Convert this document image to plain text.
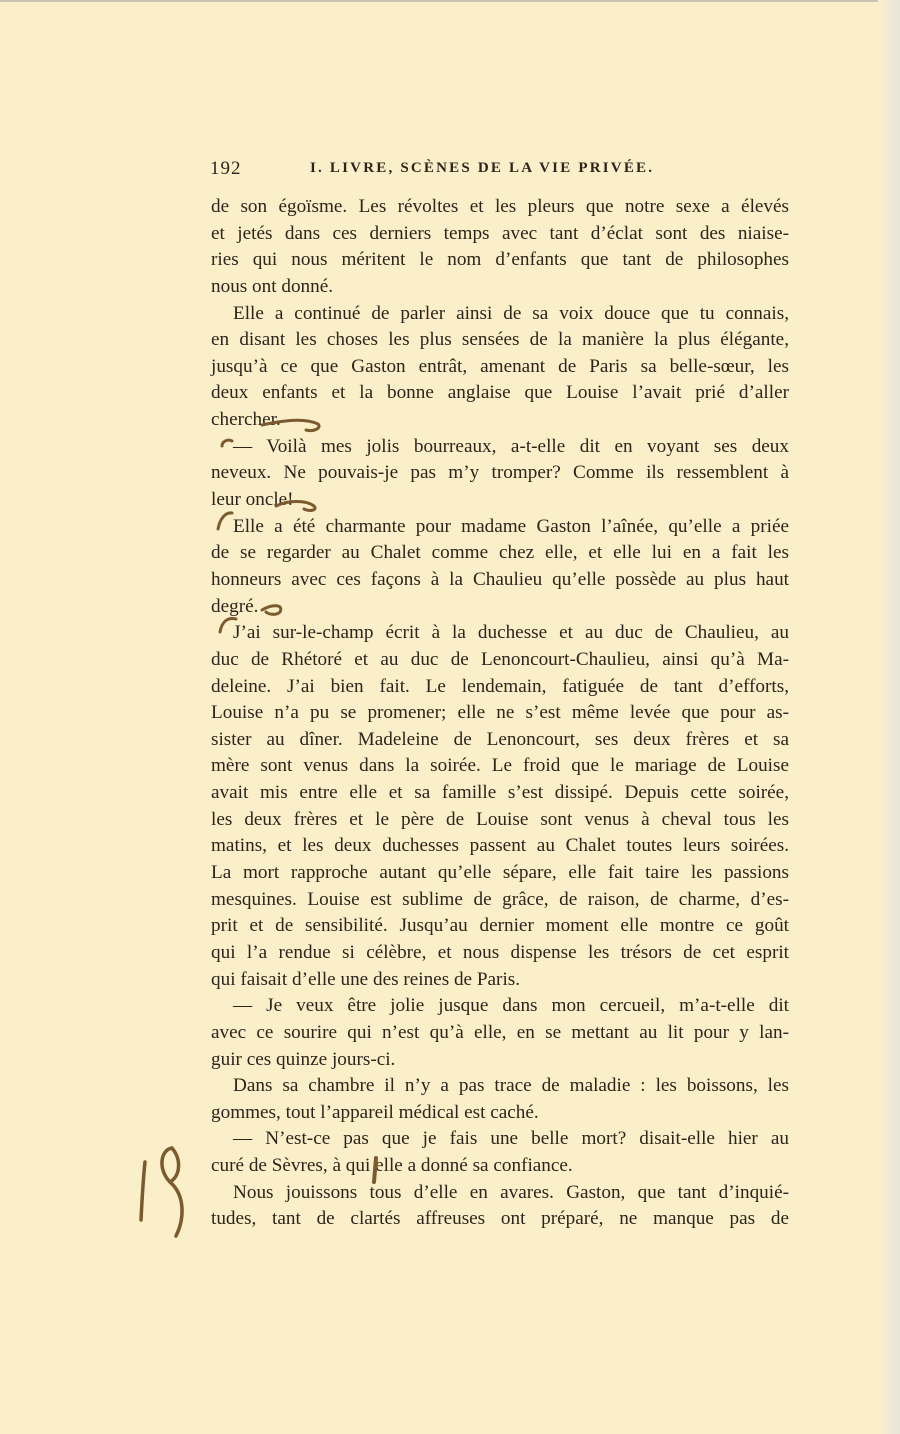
192	I. LIVRE, SCÈNES DE LA VIE PRIVÉE.
de son égoïsme. Les révoltes et les pleurs que notre sexe a élevés
et jetés dans ces derniers temps avec tant d’éclat sont des niaise-
ries qui nous méritent le nom d’enfants que tant de philosophes
nous ont donné.
Elle a continué de parler ainsi de sa voix douce que tu connais,
en disant les choses les plus sensées de la manière la plus élégante,
jusqu’à ce que Gaston entrât, amenant de Paris sa belle-sœur, les
deux enfants et la bonne anglaise que Louise l’avait prié d’aller
chercher.
— Voilà mes jolis bourreaux, a-t-elle dit en voyant ses deux
neveux. Ne pouvais-je pas m’y tromper? Comme ils ressemblent à
leur oncle!
Elle a été charmante pour madame Gaston l’aînée, qu’elle a priée
de se regarder au Chalet comme chez elle, et elle lui en a fait les
honneurs avec ces façons à la Chaulieu qu’elle possède au plus haut
degré.
J’ai sur-le-champ écrit à la duchesse et au duc de Chaulieu, au
duc de Rhétoré et au duc de Lenoncourt-Chaulieu, ainsi qu’à Ma-
deleine. J’ai bien fait. Le lendemain, fatiguée de tant d’efforts,
Louise n’a pu se promener; elle ne s’est même levée que pour as-
sister au dîner. Madeleine de Lenoncourt, ses deux frères et sa
mère sont venus dans la soirée. Le froid que le mariage de Louise
avait mis entre elle et sa famille s’est dissipé. Depuis cette soirée,
les deux frères et le père de Louise sont venus à cheval tous les
matins, et les deux duchesses passent au Chalet toutes leurs soirées.
La mort rapproche autant qu’elle sépare, elle fait taire les passions
mesquines. Louise est sublime de grâce, de raison, de charme, d’es-
prit et de sensibilité. Jusqu’au dernier moment elle montre ce goût
qui l’a rendue si célèbre, et nous dispense les trésors de cet esprit
qui faisait d’elle une des reines de Paris.
— Je veux être jolie jusque dans mon cercueil, m’a-t-elle dit
avec ce sourire qui n’est qu’à elle, en se mettant au lit pour y lan-
guir ces quinze jours-ci.
Dans sa chambre il n’y a pas trace de maladie : les boissons, les
gommes, tout l’appareil médical est caché.
— N’est-ce pas que je fais une belle mort? disait-elle hier au
curé de Sèvres, à qui elle a donné sa confiance.
Nous jouissons tous d’elle en avares. Gaston, que tant d’inquié-
tudes, tant de clartés affreuses ont préparé, ne manque pas de
